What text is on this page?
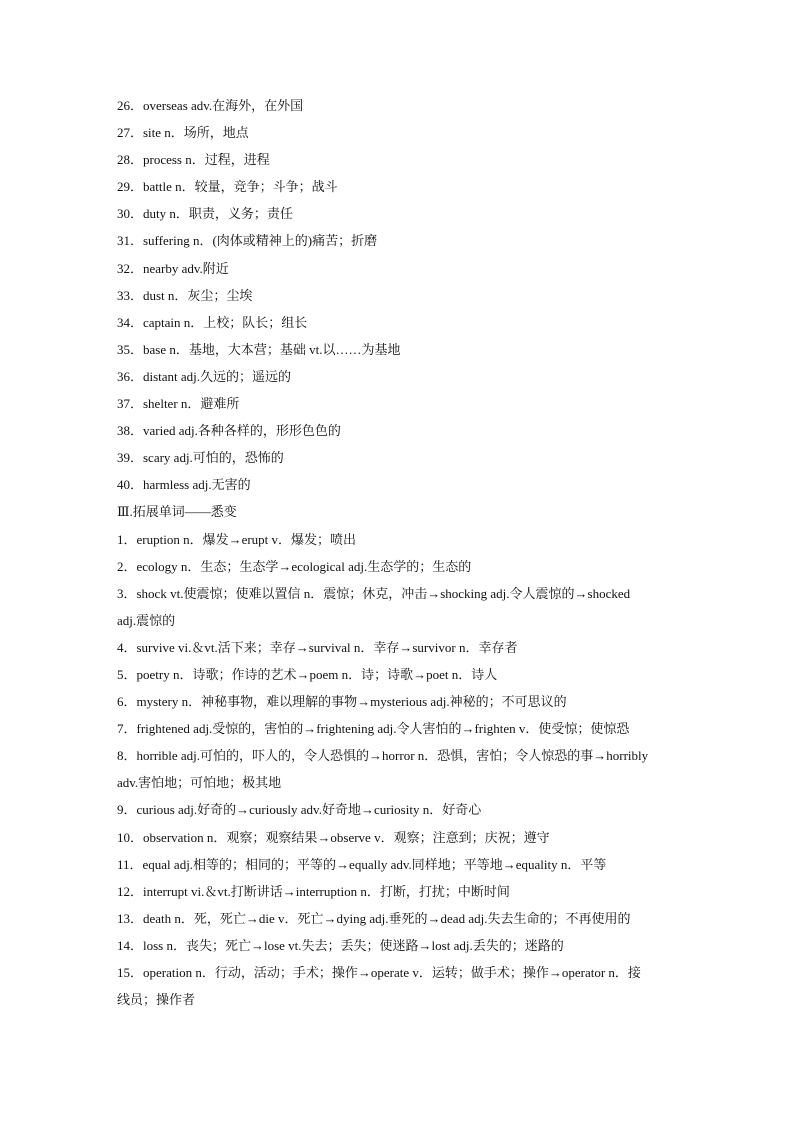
26．overseas adv.在海外，在外国
27．site n．场所，地点
28．process n．过程，进程
29．battle n．较量，竞争；斗争；战斗
30．duty n．职责，义务；责任
31．suffering n．(肉体或精神上的)痛苦；折磨
32．nearby adv.附近
33．dust n．灰尘；尘埃
34．captain n．上校；队长；组长
35．base n．基地，大本营；基础 vt.以……为基地
36．distant adj.久远的；遥远的
37．shelter n．避难所
38．varied adj.各种各样的，形形色色的
39．scary adj.可怕的，恐怖的
40．harmless adj.无害的
Ⅲ.拓展单词——悉变
1．eruption n．爆发→erupt v．爆发；喷出
2．ecology n．生态；生态学→ecological adj.生态学的；生态的
3．shock vt.使震惊；使难以置信 n．震惊；休克，冲击→shocking adj.令人震惊的→shocked
adj.震惊的
4．survive vi.＆vt.活下来；幸存→survival n．幸存→survivor n．幸存者
5．poetry n．诗歌；作诗的艺术→poem n．诗；诗歌→poet n．诗人
6．mystery n．神秘事物，难以理解的事物→mysterious adj.神秘的；不可思议的
7．frightened adj.受惊的，害怕的→frightening adj.令人害怕的→frighten v．使受惊；使惊恐
8．horrible adj.可怕的，吓人的，令人恐惧的→horror n．恐惧，害怕；令人惊恐的事→horribly
adv.害怕地；可怕地；极其地
9．curious adj.好奇的→curiously adv.好奇地→curiosity n．好奇心
10．observation n．观察；观察结果→observe v．观察；注意到；庆祝；遵守
11．equal adj.相等的；相同的；平等的→equally adv.同样地；平等地→equality n．平等
12．interrupt vi.＆vt.打断讲话→interruption n．打断，打扰；中断时间
13．death n．死，死亡→die v．死亡→dying adj.垂死的→dead adj.失去生命的；不再使用的
14．loss n．丧失；死亡→lose vt.失去；丢失；使迷路→lost adj.丢失的；迷路的
15．operation n．行动，活动；手术；操作→operate v．运转；做手术；操作→operator n．接
线员；操作者
